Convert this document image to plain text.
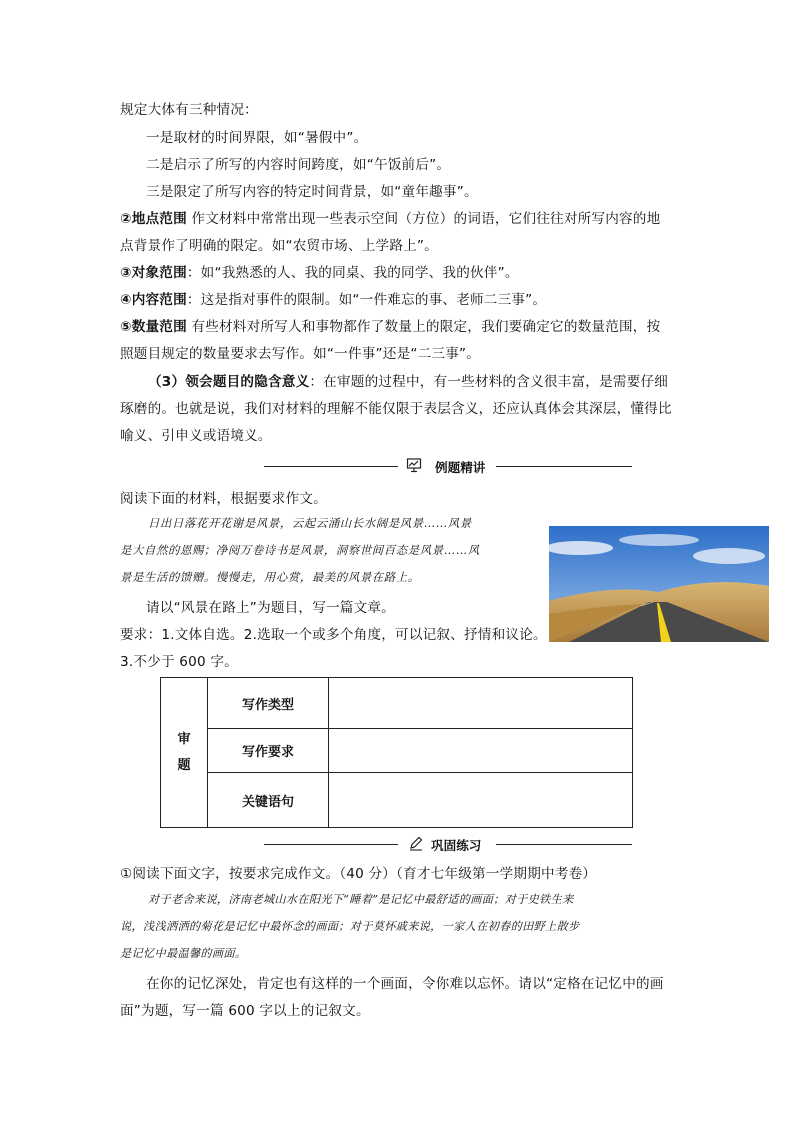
规定大体有三种情况：
一是取材的时间界限，如“暑假中”。
二是启示了所写的内容时间跨度，如“午饭前后”。
三是限定了所写内容的特定时间背景，如“童年趣事”。
②地点范围 作文材料中常常出现一些表示空间（方位）的词语，它们往往对所写内容的地
点背景作了明确的限定。如“农贸市场、上学路上”。
③对象范围：如“我熟悉的人、我的同桌、我的同学、我的伙伴”。
④内容范围：这是指对事件的限制。如“一件难忘的事、老师二三事”。
⑤数量范围 有些材料对所写人和事物都作了数量上的限定，我们要确定它的数量范围，按
照题目规定的数量要求去写作。如“一件事”还是“二三事”。
（3）领会题目的隐含意义：在审题的过程中，有一些材料的含义很丰富，是需要仔细
琢磨的。也就是说，我们对材料的理解不能仅限于表层含义，还应认真体会其深层，懂得比
喻义、引申义或语境义。
例题精讲
阅读下面的材料，根据要求作文。
日出日落花开花谢是风景，云起云涌山长水阔是风景……风景
是大自然的恩赐；净阅万卷诗书是风景，洞察世间百态是风景……风
景是生活的馈赠。慢慢走，用心赏，最美的风景在路上。
请以“风景在路上”为题目，写一篇文章。
要求：1.文体自选。2.选取一个或多个角度，可以记叙、抒情和议论。
3.不少于 600 字。
审
题	写作类型	
	写作要求	
	关键语句	
巩固练习
①阅读下面文字，按要求完成作文。（40 分）（育才七年级第一学期期中考卷）
对于老舍来说，济南老城山水在阳光下“睡着”是记忆中最舒适的画面；对于史铁生来
说，浅浅洒洒的菊花是记忆中最怀念的画面；对于莫怀戚来说，一家人在初春的田野上散步
是记忆中最温馨的画面。
在你的记忆深处，肯定也有这样的一个画面，令你难以忘怀。请以“定格在记忆中的画
面”为题，写一篇 600 字以上的记叙文。
